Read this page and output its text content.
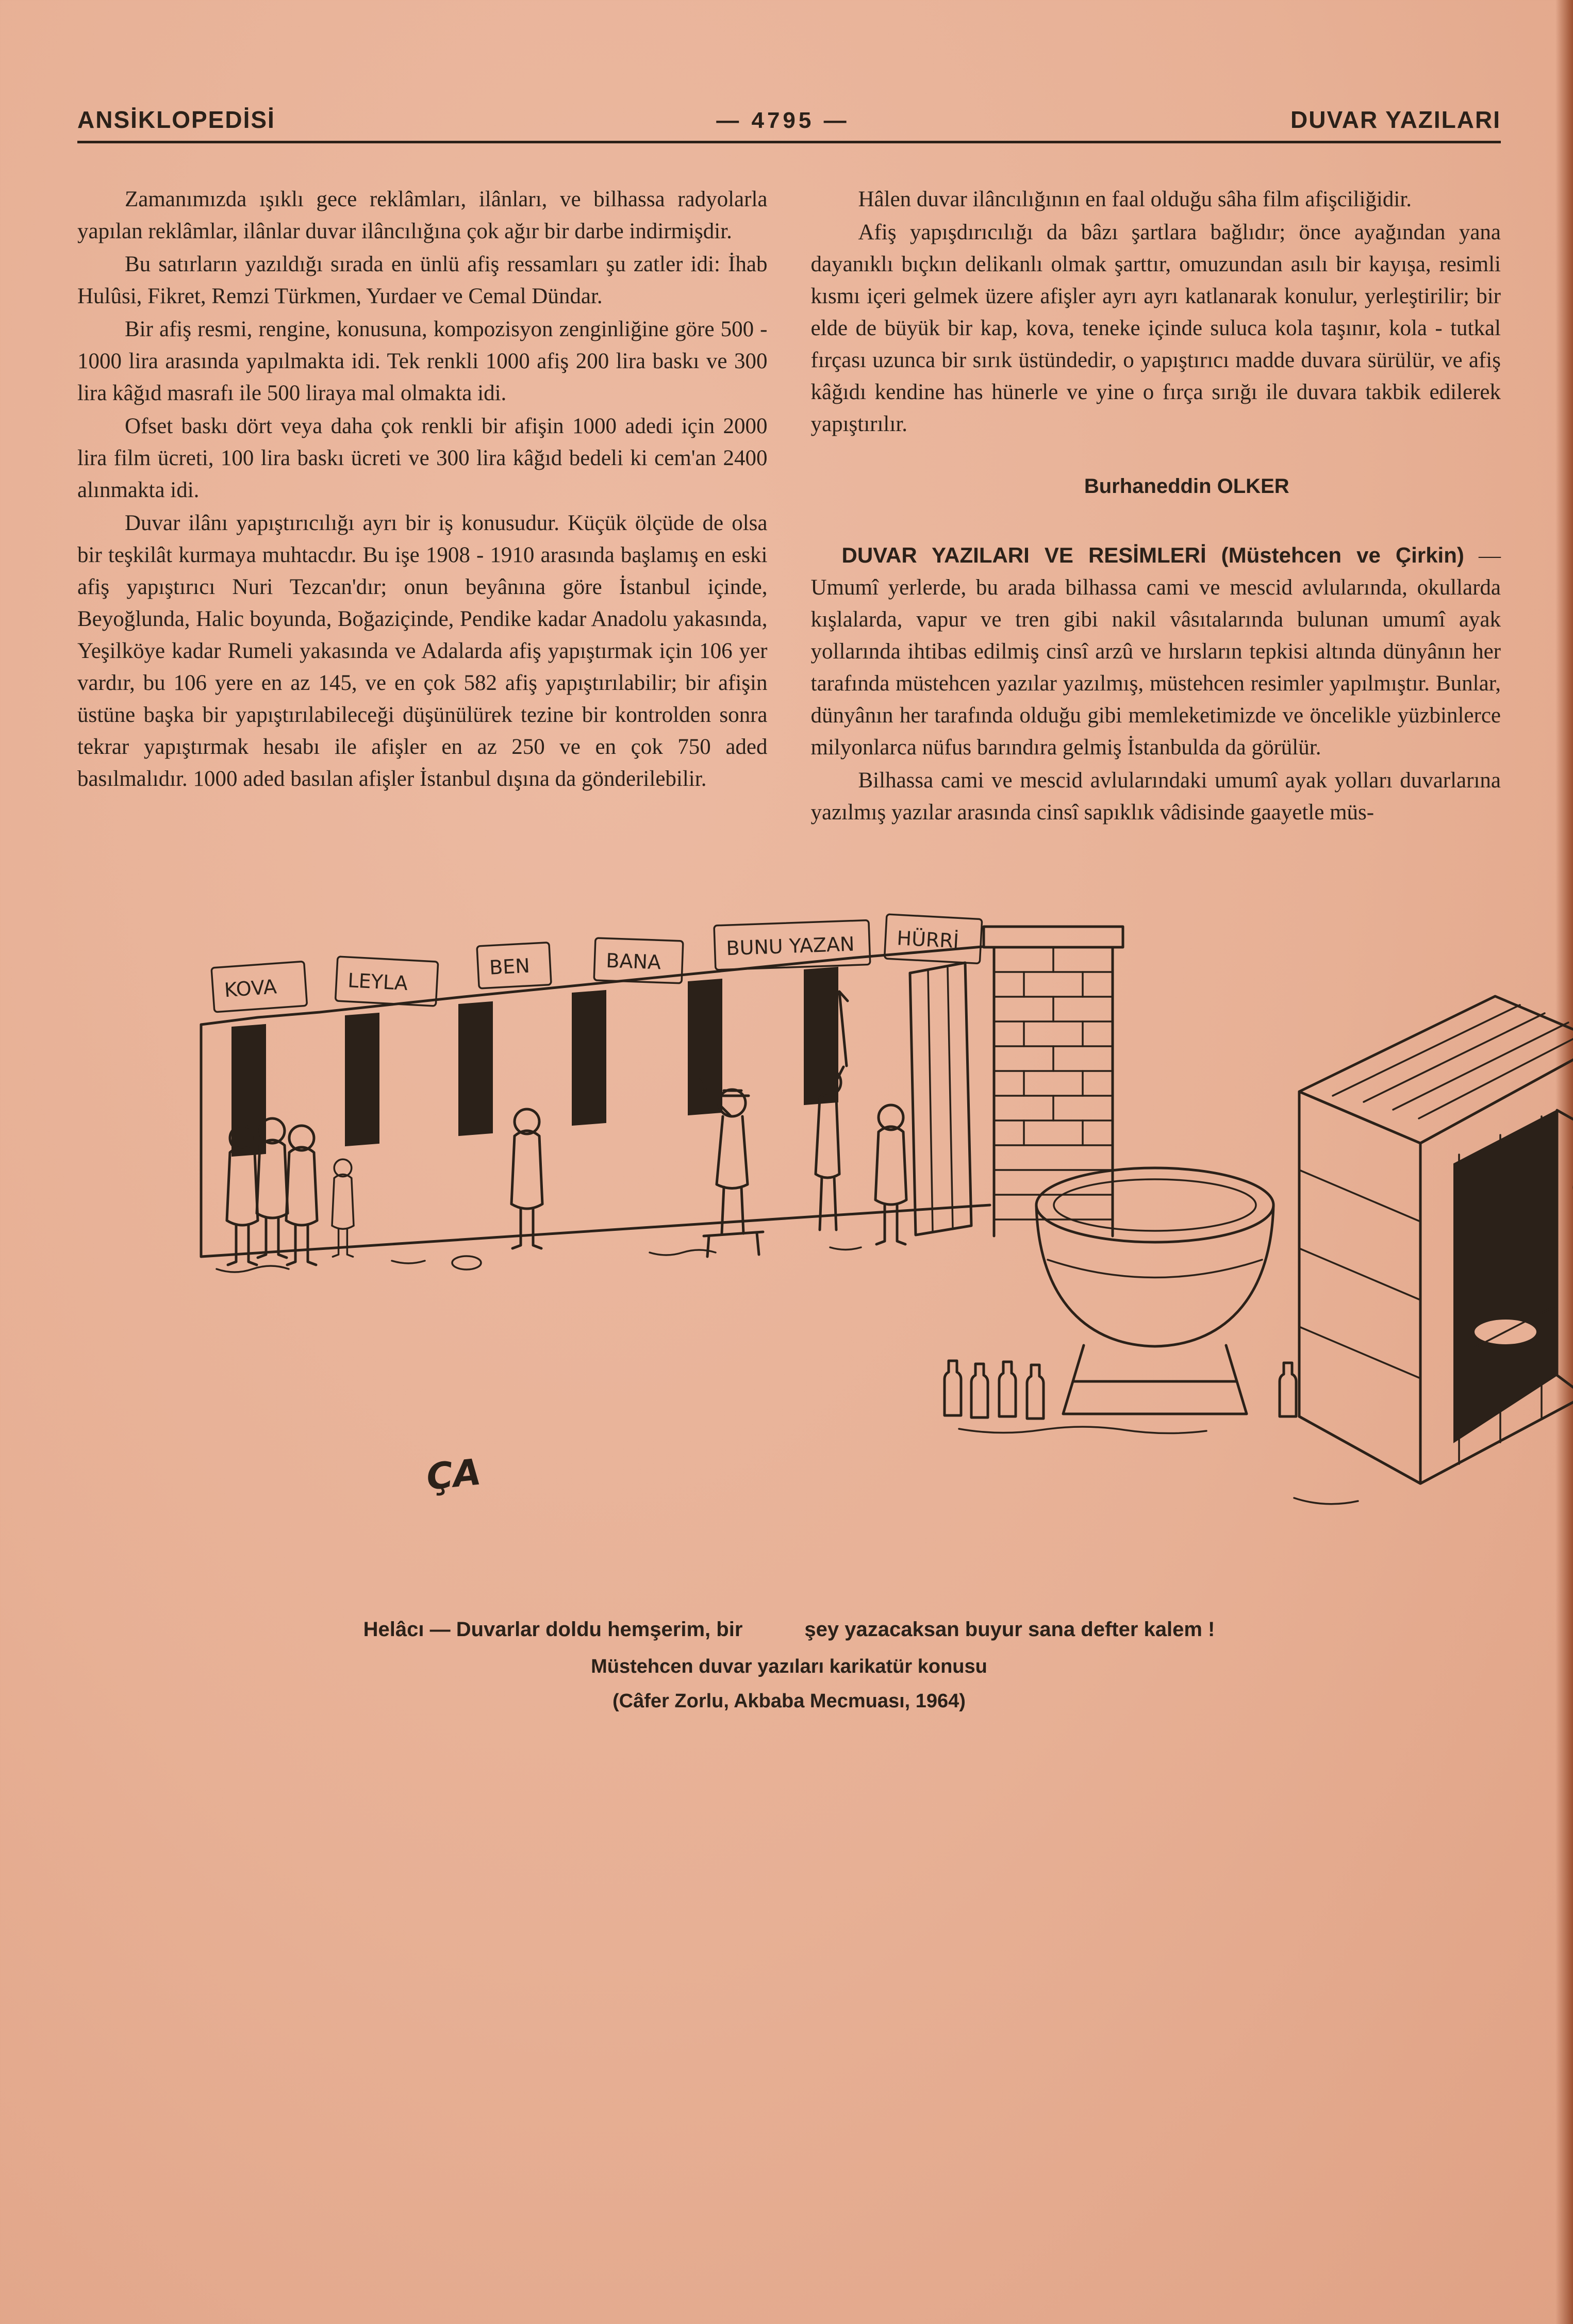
ANSİKLOPEDİSİ	— 4795 —	DUVAR YAZILARI

Zamanımızda ışıklı gece reklâmları, ilânları, ve bilhassa radyolarla yapılan reklâmlar, ilânlar duvar ilâncılığına çok ağır bir darbe indirmişdir.

Bu satırların yazıldığı sırada en ünlü afiş ressamları şu zatler idi: İhab Hulûsi, Fikret, Remzi Türkmen, Yurdaer ve Cemal Dündar.

Bir afiş resmi, rengine, konusuna, kompozisyon zenginliğine göre 500 - 1000 lira arasında yapılmakta idi. Tek renkli 1000 afiş 200 lira baskı ve 300 lira kâğıd masrafı ile 500 liraya mal olmakta idi.

Ofset baskı dört veya daha çok renkli bir afişin 1000 adedi için 2000 lira film ücreti, 100 lira baskı ücreti ve 300 lira kâğıd bedeli ki cem'an 2400 alınmakta idi.

Duvar ilânı yapıştırıcılığı ayrı bir iş konusudur. Küçük ölçüde de olsa bir teşkilât kurmaya muhtacdır. Bu işe 1908 - 1910 arasında başlamış en eski afiş yapıştırıcı Nuri Tezcan'dır; onun beyânına göre İstanbul içinde, Beyoğlunda, Halic boyunda, Boğaziçinde, Pendike kadar Anadolu yakasında, Yeşilköye kadar Rumeli yakasında ve Adalarda afiş yapıştırmak için 106 yer vardır, bu 106 yere en az 145, ve en çok 582 afiş yapıştırılabilir; bir afişin üstüne başka bir yapıştırılabileceği düşünülürek tezine bir kontrolden sonra tekrar yapıştırmak hesabı ile afişler en az 250 ve en çok 750 aded basılmalıdır. 1000 aded basılan afişler İstanbul dışına da gönderilebilir.

Hâlen duvar ilâncılığının en faal olduğu sâha film afişciliğidir.

Afiş yapışdırıcılığı da bâzı şartlara bağlıdır; önce ayağından yana dayanıklı bıçkın delikanlı olmak şarttır, omuzundan asılı bir kayışa, resimli kısmı içeri gelmek üzere afişler ayrı ayrı katlanarak konulur, yerleştirilir; bir elde de büyük bir kap, kova, teneke içinde suluca kola taşınır, kola - tutkal fırçası uzunca bir sırık üstündedir, o yapıştırıcı madde duvara sürülür, ve afiş kâğıdı kendine has hünerle ve yine o fırça sırığı ile duvara takbik edilerek yapıştırılır.

Burhaneddin OLKER

DUVAR YAZILARI VE RESİMLERİ (Müstehcen ve Çirkin) — Umumî yerlerde, bu arada bilhassa cami ve mescid avlularında, okullarda kışlalarda, vapur ve tren gibi nakil vâsıtalarında bulunan umumî ayak yollarında ihtibas edilmiş cinsî arzû ve hırsların tepkisi altında dünyânın her tarafında müstehcen yazılar yazılmış, müstehcen resimler yapılmıştır. Bunlar, dünyânın her tarafında olduğu gibi memleketimizde ve öncelikle yüzbinlerce milyonlarca nüfus barındıra gelmiş İstanbulda da görülür.

Bilhassa cami ve mescid avlularındaki umumî ayak yolları duvarlarına yazılmış yazılar arasında cinsî sapıklık vâdisinde gaayetle müs-

KOVA	LEYLA
BEN	BANA
BUNU YAZAN HÜRRİ
ÇA
Helâcı — Duvarlar doldu hemşerim, bir	şey yazacaksan buyur sana defter kalem !
Müstehcen duvar yazıları karikatür konusu
(Câfer Zorlu, Akbaba Mecmuası, 1964)
